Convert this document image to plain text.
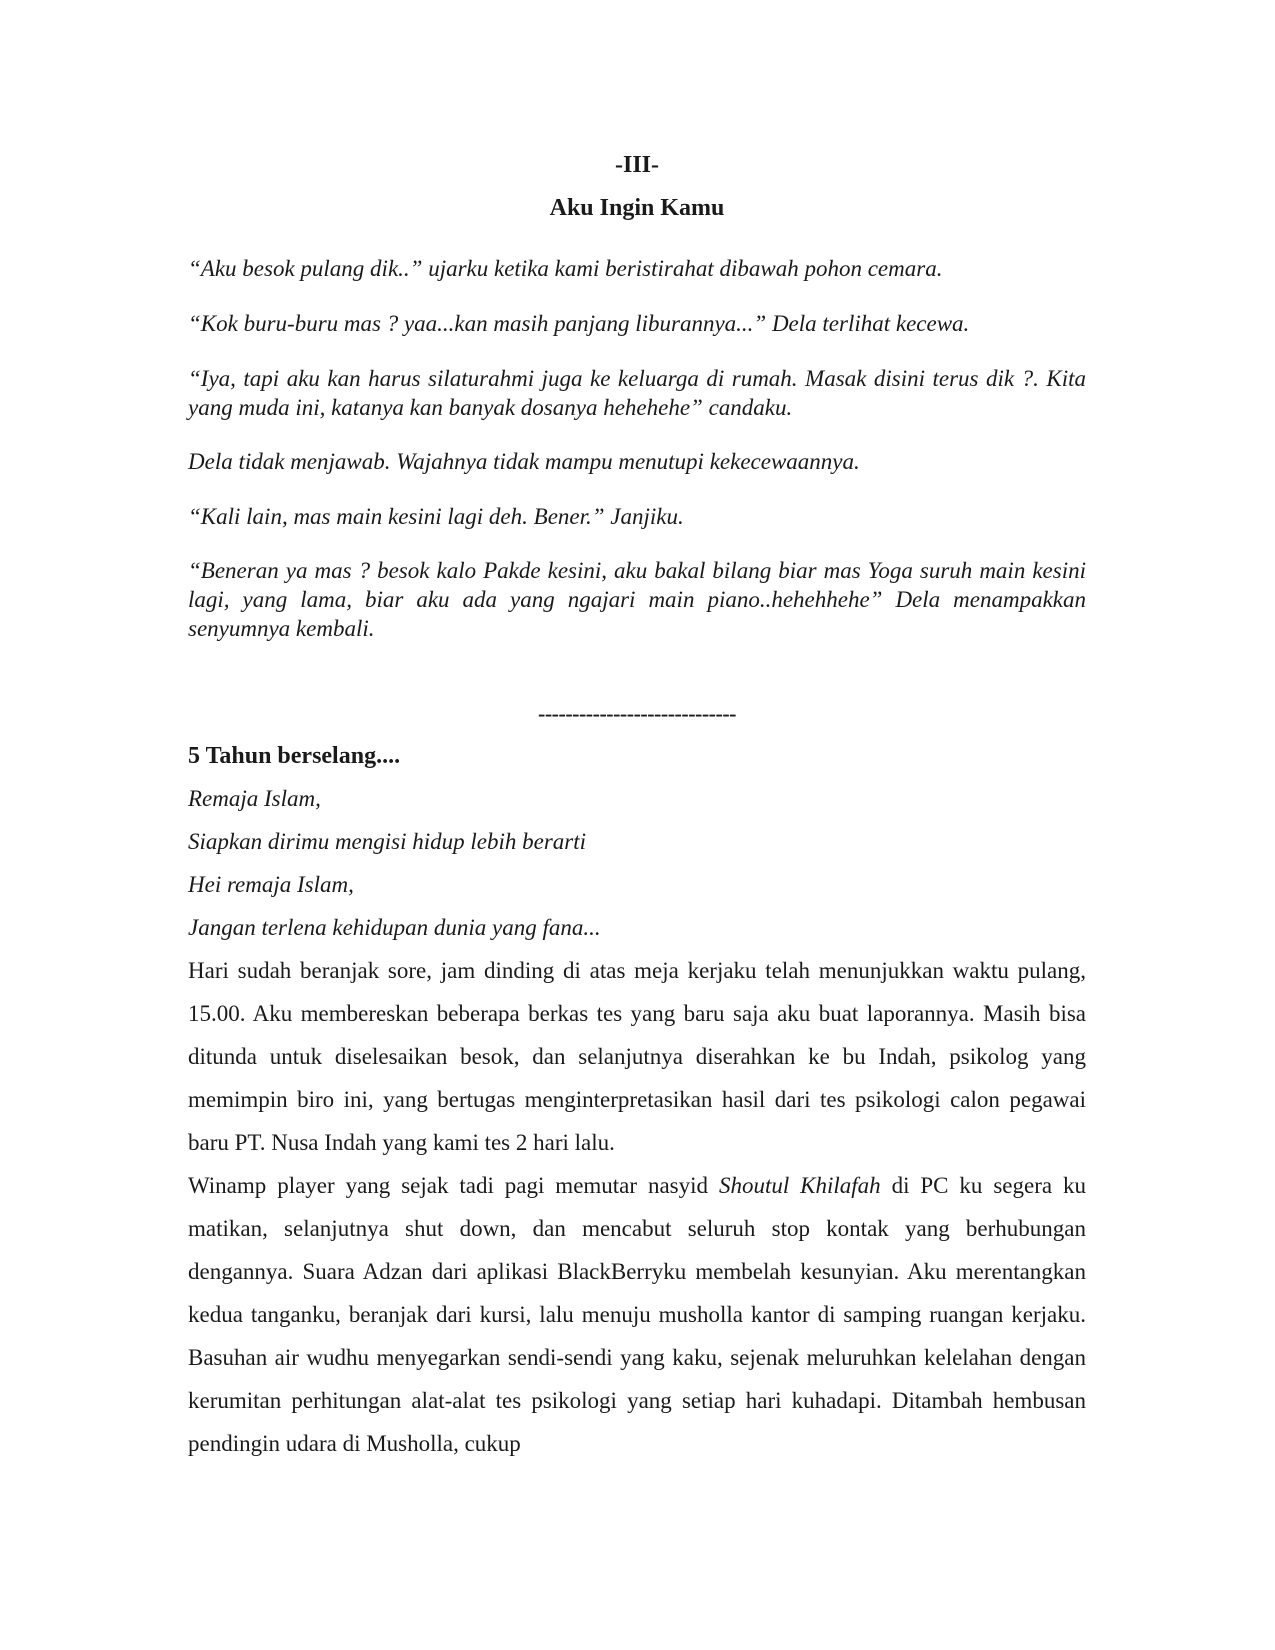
-III-
Aku Ingin Kamu

“Aku besok pulang dik..” ujarku ketika kami beristirahat dibawah pohon cemara.

“Kok buru-buru mas ? yaa...kan masih panjang liburannya...” Dela terlihat kecewa.

“Iya, tapi aku kan harus silaturahmi juga ke keluarga di rumah. Masak disini terus dik ?. Kita yang muda ini, katanya kan banyak dosanya hehehehe” candaku.

Dela tidak menjawab. Wajahnya tidak mampu menutupi kekecewaannya.

“Kali lain, mas main kesini lagi deh. Bener.” Janjiku.

“Beneran ya mas ? besok kalo Pakde kesini, aku bakal bilang biar mas Yoga suruh main kesini lagi, yang lama, biar aku ada yang ngajari main piano..hehehhehe” Dela menampakkan senyumnya kembali.

-----------------------------
5 Tahun berselang....
Remaja Islam,
Siapkan dirimu mengisi hidup lebih berarti
Hei remaja Islam,
Jangan terlena kehidupan dunia yang fana...

Hari sudah beranjak sore, jam dinding di atas meja kerjaku telah menunjukkan waktu pulang, 15.00. Aku membereskan beberapa berkas tes yang baru saja aku buat laporannya. Masih bisa ditunda untuk diselesaikan besok, dan selanjutnya diserahkan ke bu Indah, psikolog yang memimpin biro ini, yang bertugas menginterpretasikan hasil dari tes psikologi calon pegawai baru PT. Nusa Indah yang kami tes 2 hari lalu.

Winamp player yang sejak tadi pagi memutar nasyid Shoutul Khilafah di PC ku segera ku matikan, selanjutnya shut down, dan mencabut seluruh stop kontak yang berhubungan dengannya. Suara Adzan dari aplikasi BlackBerryku membelah kesunyian. Aku merentangkan kedua tanganku, beranjak dari kursi, lalu menuju musholla kantor di samping ruangan kerjaku. Basuhan air wudhu menyegarkan sendi-sendi yang kaku, sejenak meluruhkan kelelahan dengan kerumitan perhitungan alat-alat tes psikologi yang setiap hari kuhadapi. Ditambah hembusan pendingin udara di Musholla, cukup
